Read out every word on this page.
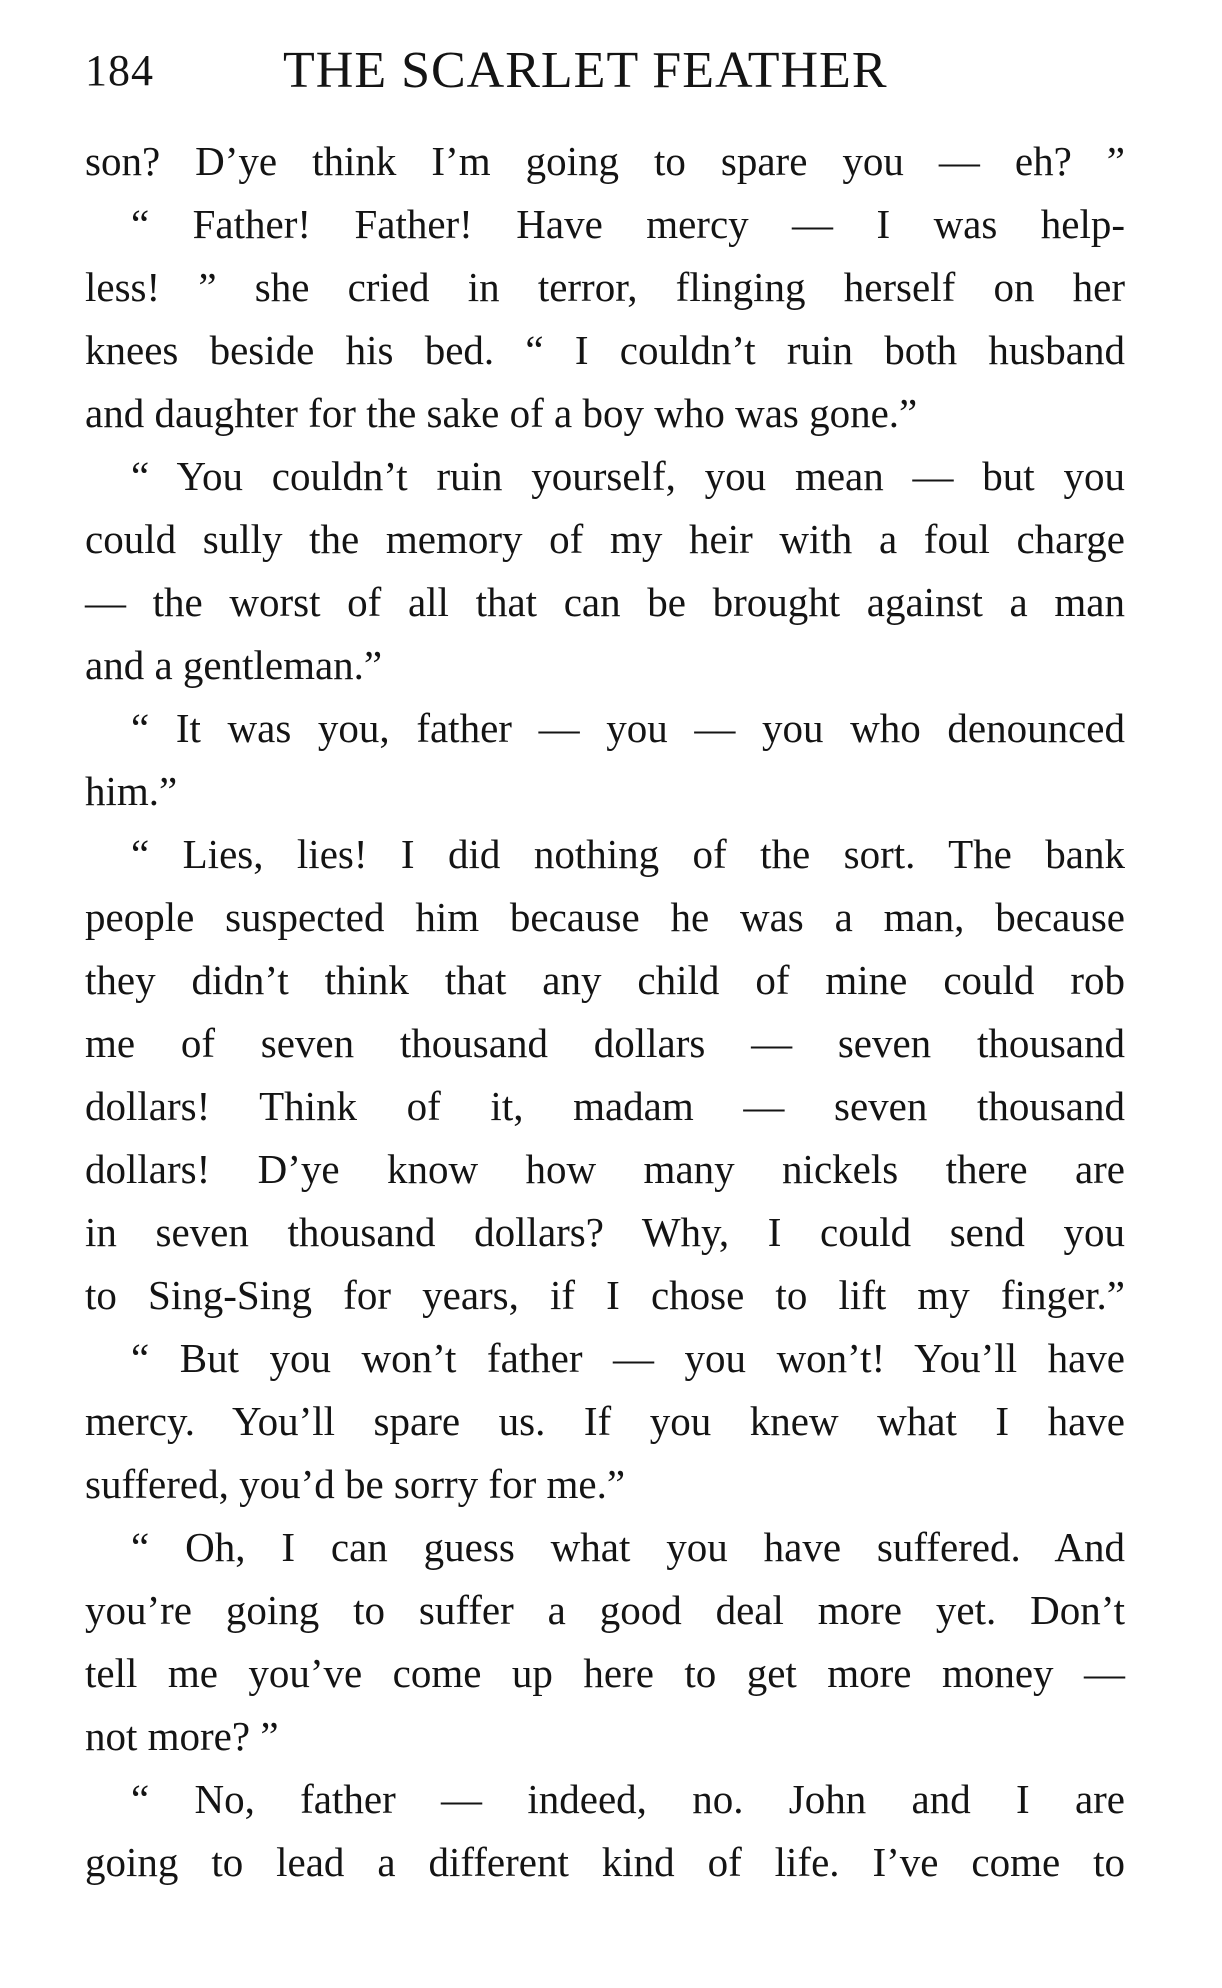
184 THE SCARLET FEATHER
son? D’ye think I’m going to spare you — eh? ”
“ Father! Father! Have mercy — I was help-
less! ” she cried in terror, flinging herself on her
knees beside his bed. “ I couldn’t ruin both husband
and daughter for the sake of a boy who was gone.”
“ You couldn’t ruin yourself, you mean — but you
could sully the memory of my heir with a foul charge
— the worst of all that can be brought against a man
and a gentleman.”
“ It was you, father — you — you who denounced
him.”
“ Lies, lies! I did nothing of the sort. The bank
people suspected him because he was a man, because
they didn’t think that any child of mine could rob
me of seven thousand dollars — seven thousand
dollars! Think of it, madam — seven thousand
dollars! D’ye know how many nickels there are
in seven thousand dollars? Why, I could send you
to Sing-Sing for years, if I chose to lift my finger.”
“ But you won’t father — you won’t! You’ll have
mercy. You’ll spare us. If you knew what I have
suffered, you’d be sorry for me.”
“ Oh, I can guess what you have suffered. And
you’re going to suffer a good deal more yet. Don’t
tell me you’ve come up here to get more money —
not more? ”
“ No, father — indeed, no. John and I are
going to lead a different kind of life. I’ve come to
